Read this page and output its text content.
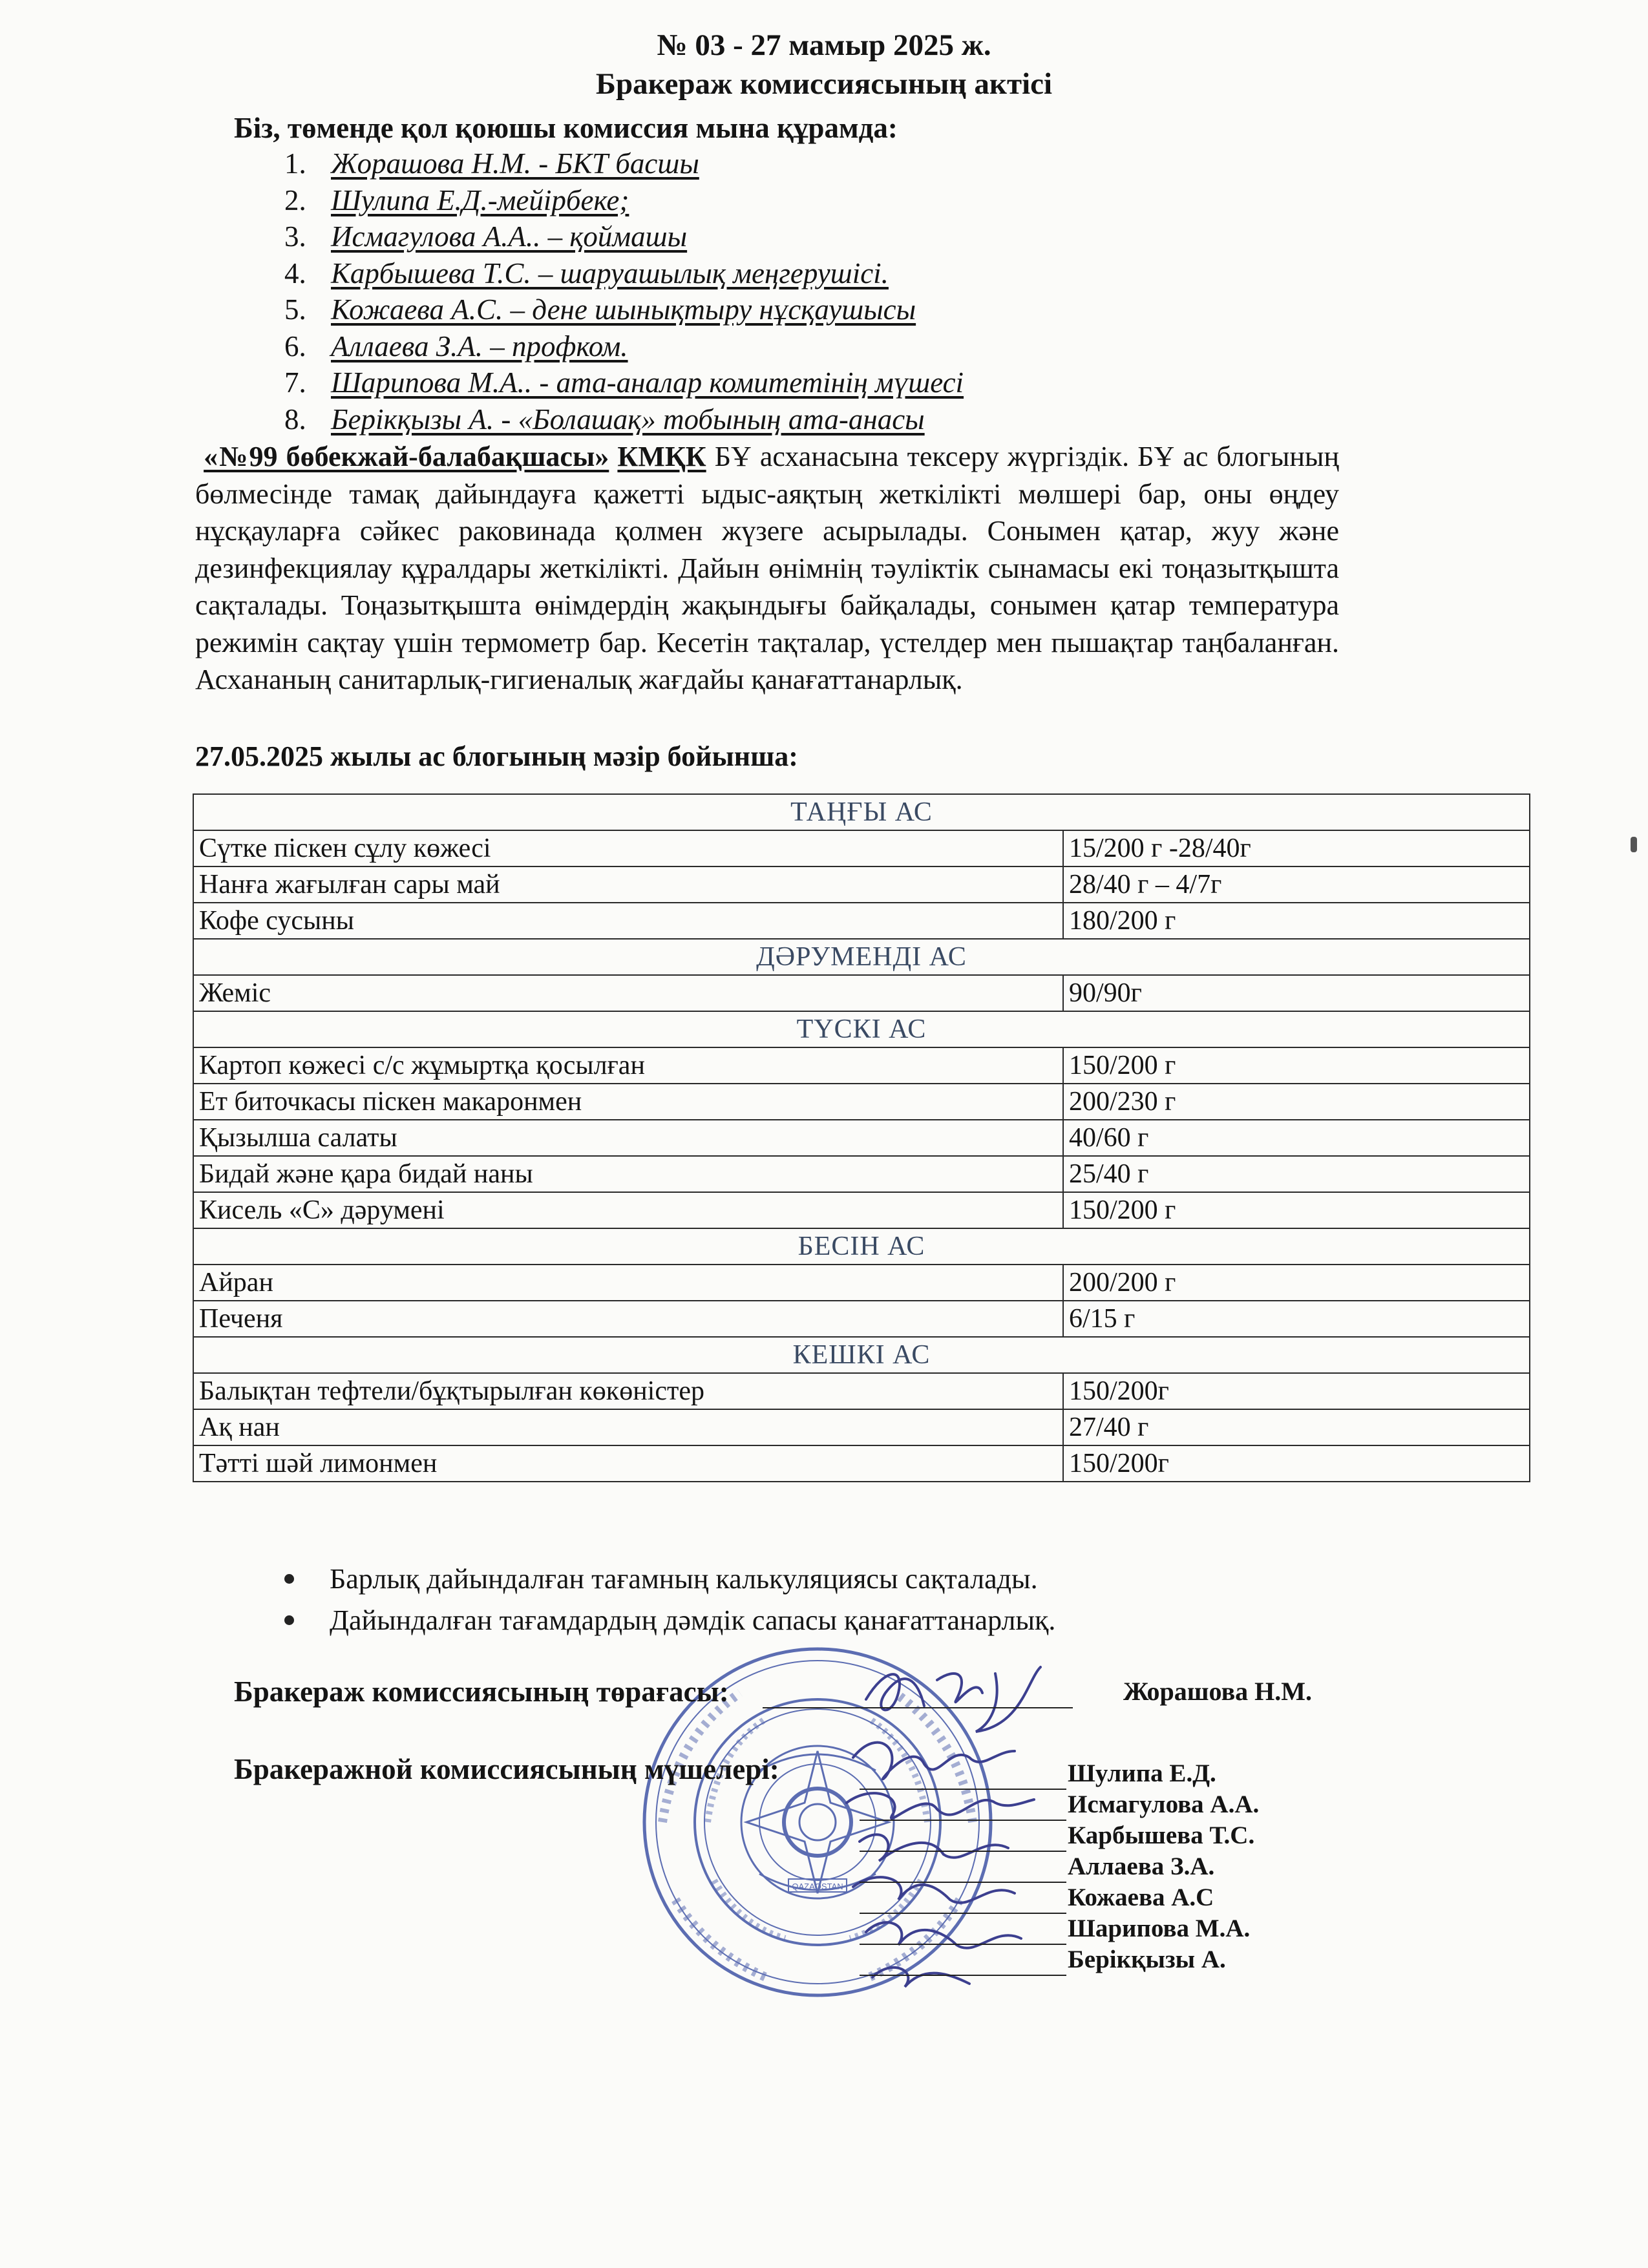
№ 03 - 27 мамыр 2025 ж.
Бракераж комиссиясының актісі
Біз, төменде қол қоюшы комиссия мына құрамда:
1. Жорашова Н.М. - БКТ басшы
2. Шулипа Е.Д.-мейірбеке;
3. Исмагулова А.А.. – қоймашы
4. Карбышева Т.С. – шаруашылық меңгерушісі.
5. Кожаева А.С. – дене шынықтыру нұсқаушысы
6. Аллаева З.А. – профком.
7. Шарипова М.А.. - ата-аналар комитетінің мүшесі
8. Берікқызы А. - «Болашақ» тобының ата-анасы
«№99 бөбекжай-балабақшасы» КМҚК БҰ асханасына тексеру жүргіздік. БҰ ас блогының бөлмесінде тамақ дайындауға қажетті ыдыс-аяқтың жеткілікті мөлшері бар, оны өңдеу нұсқауларға сәйкес раковинада қолмен жүзеге асырылады. Сонымен қатар, жуу және дезинфекциялау құралдары жеткілікті. Дайын өнімнің тәуліктік сынамасы екі тоңазытқышта сақталады. Тоңазытқышта өнімдердің жақындығы байқалады, сонымен қатар температура режимін сақтау үшін термометр бар. Кесетін тақталар, үстелдер мен пышақтар таңбаланған. Асхананың санитарлық-гигиеналық жағдайы қанағаттанарлық.
27.05.2025 жылы ас блогының мәзір бойынша:
ТАҢҒЫ АС	
Сүтке піскен сұлу көжесі	15/200 г -28/40г
Нанға жағылған сары май	28/40 г – 4/7г
Кофе сусыны	180/200 г
ДӘРУМЕНДІ АС	
Жеміс	90/90г
ТҮСКІ АС	
Картоп көжесі с/с жұмыртқа қосылған	150/200 г
Ет биточкасы піскен макаронмен	200/230 г
Қызылша салаты	40/60 г
Бидай және қара бидай наны	25/40 г
Кисель «С» дәрумені	150/200 г
БЕСІН АС	
Айран	200/200 г
Печеня	6/15 г
КЕШКІ АС	
Балықтан тефтели/бұқтырылған көкөністер	150/200г
Ақ нан	27/40 г
Тәтті шәй лимонмен	150/200г
Барлық дайындалған тағамның калькуляциясы сақталады.
Дайындалған тағамдардың дәмдік сапасы қанағаттанарлық.
QAZAQSTAN
Бракераж комиссиясының төрағасы:	Жорашова Н.М.
Бракеражной комиссиясының мүшелері:	Шулипа Е.Д.
Исмагулова А.А.
Карбышева Т.С.
Аллаева З.А.
Кожаева А.С
Шарипова М.А.
Берікқызы А.
